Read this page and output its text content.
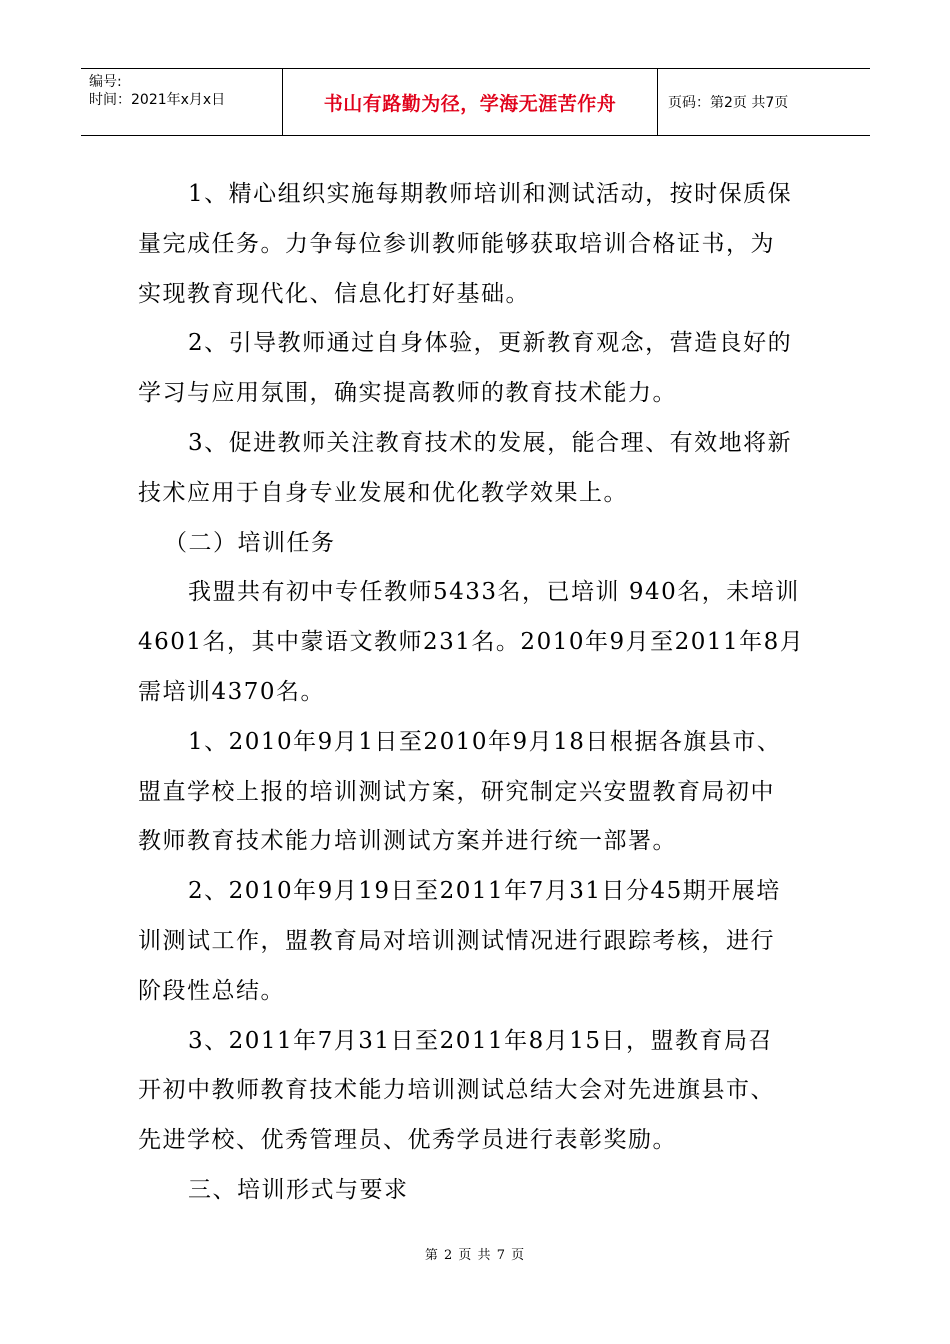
编号:
时间：2021年x月x日	书山有路勤为径，学海无涯苦作舟	页码：第2页 共7页
1、精心组织实施每期教师培训和测试活动，按时保质保
量完成任务。力争每位参训教师能够获取培训合格证书，为
实现教育现代化、信息化打好基础。
2、引导教师通过自身体验，更新教育观念，营造良好的
学习与应用氛围，确实提高教师的教育技术能力。
3、促进教师关注教育技术的发展，能合理、有效地将新
技术应用于自身专业发展和优化教学效果上。
（二）培训任务
我盟共有初中专任教师5433名，已培训 940名，未培训
4601名，其中蒙语文教师231名。2010年9月至2011年8月
需培训4370名。
1、2010年9月1日至2010年9月18日根据各旗县市、
盟直学校上报的培训测试方案，研究制定兴安盟教育局初中
教师教育技术能力培训测试方案并进行统一部署。
2、2010年9月19日至2011年7月31日分45期开展培
训测试工作，盟教育局对培训测试情况进行跟踪考核，进行
阶段性总结。
3、2011年7月31日至2011年8月15日，盟教育局召
开初中教师教育技术能力培训测试总结大会对先进旗县市、
先进学校、优秀管理员、优秀学员进行表彰奖励。
三、培训形式与要求
第 2 页 共 7 页
